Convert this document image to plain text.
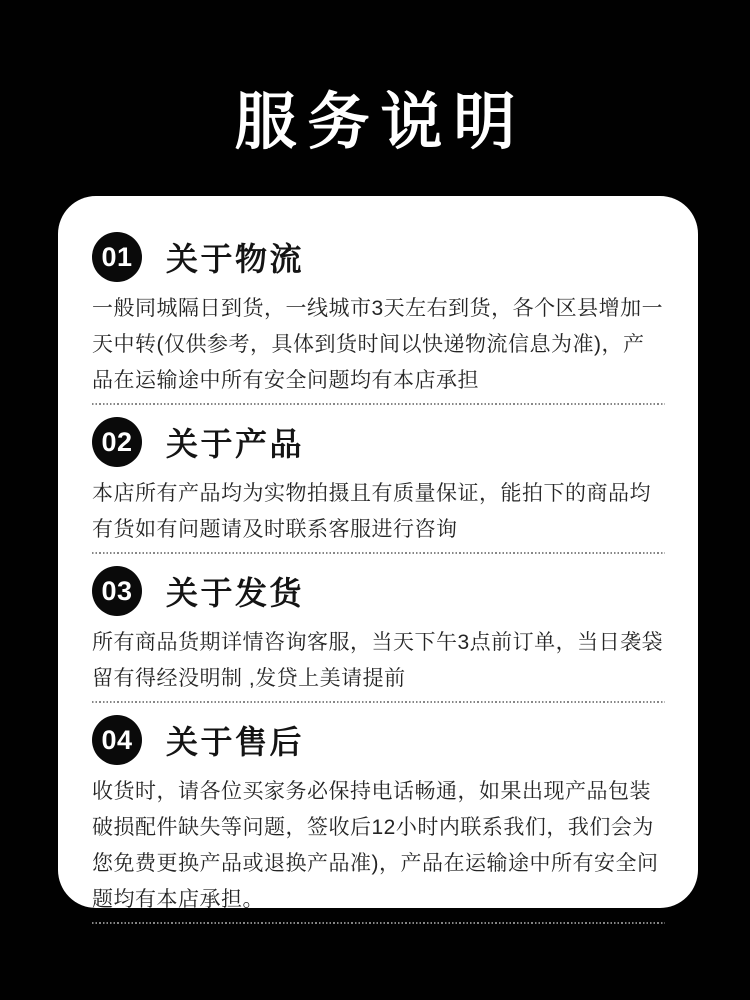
服务说明
01 关于物流

一般同城隔日到货，一线城市3天左右到货，各个区县增加一天中转(仅供参考，具体到货时间以快递物流信息为准)，产品在运输途中所有安全问题均有本店承担

02 关于产品

本店所有产品均为实物拍摄且有质量保证，能拍下的商品均有货如有问题请及时联系客服进行咨询

03 关于发货

所有商品货期详情咨询客服，当天下午3点前订单，当日袭袋留有得经没明制 ,发贷上美请提前

04 关于售后

收货时，请各位买家务必保持电话畅通，如果出现产品包装破损配件缺失等问题，签收后12小时内联系我们，我们会为您免费更换产品或退换产品准)，产品在运输途中所有安全问题均有本店承担。
